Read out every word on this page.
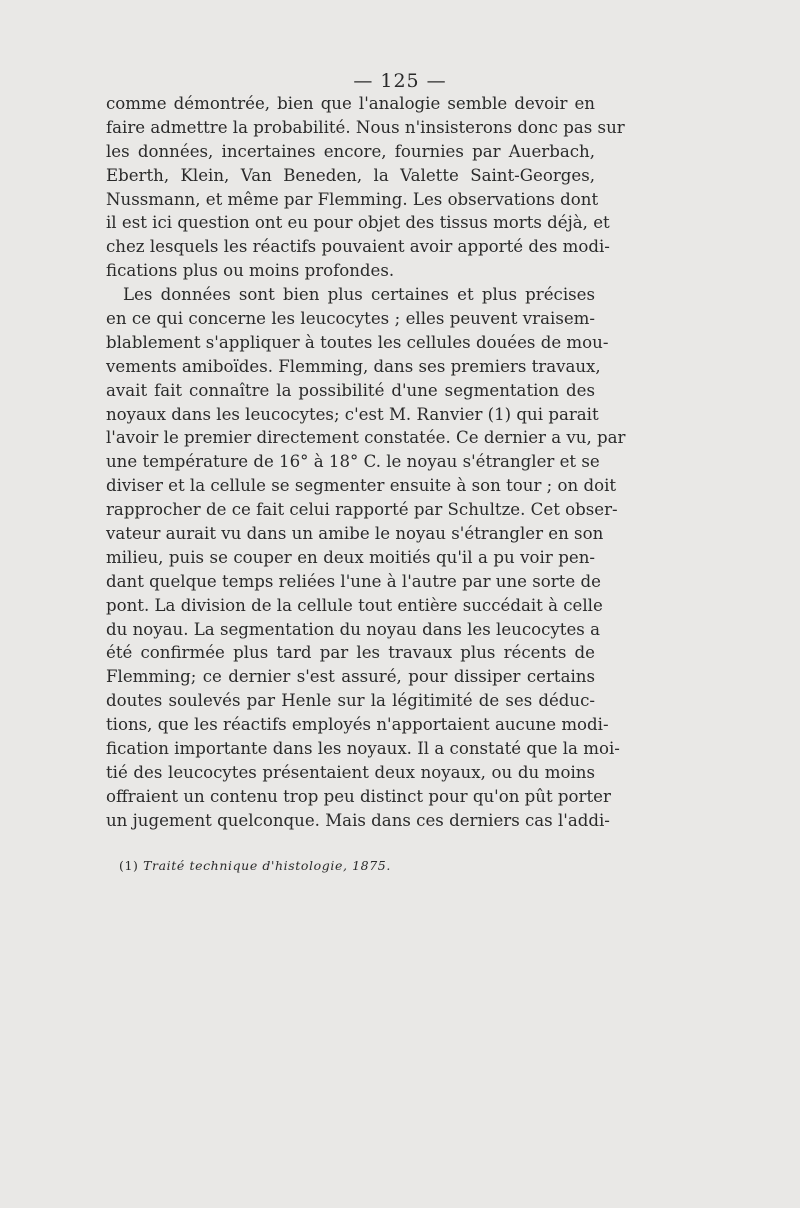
— 125 —
comme démontrée, bien que l'analogie semble devoir en
faire admettre la probabilité. Nous n'insisterons donc pas sur
les données, incertaines encore, fournies par Auerbach,
Eberth, Klein, Van Beneden, la Valette Saint-Georges,
Nussmann, et même par Flemming. Les observations dont
il est ici question ont eu pour objet des tissus morts déjà, et
chez lesquels les réactifs pouvaient avoir apporté des modi-
fications plus ou moins profondes.
Les données sont bien plus certaines et plus précises
en ce qui concerne les leucocytes ; elles peuvent vraisem-
blablement s'appliquer à toutes les cellules douées de mou-
vements amiboïdes. Flemming, dans ses premiers travaux,
avait fait connaître la possibilité d'une segmentation des
noyaux dans les leucocytes; c'est M. Ranvier (1) qui parait
l'avoir le premier directement constatée. Ce dernier a vu, par
une température de 16° à 18° C. le noyau s'étrangler et se
diviser et la cellule se segmenter ensuite à son tour ; on doit
rapprocher de ce fait celui rapporté par Schultze. Cet obser-
vateur aurait vu dans un amibe le noyau s'étrangler en son
milieu, puis se couper en deux moitiés qu'il a pu voir pen-
dant quelque temps reliées l'une à l'autre par une sorte de
pont. La division de la cellule tout entière succédait à celle
du noyau. La segmentation du noyau dans les leucocytes a
été confirmée plus tard par les travaux plus récents de
Flemming; ce dernier s'est assuré, pour dissiper certains
doutes soulevés par Henle sur la légitimité de ses déduc-
tions, que les réactifs employés n'apportaient aucune modi-
fication importante dans les noyaux. Il a constaté que la moi-
tié des leucocytes présentaient deux noyaux, ou du moins
offraient un contenu trop peu distinct pour qu'on pût porter
un jugement quelconque. Mais dans ces derniers cas l'addi-
(1) Traité technique d'histologie, 1875.
